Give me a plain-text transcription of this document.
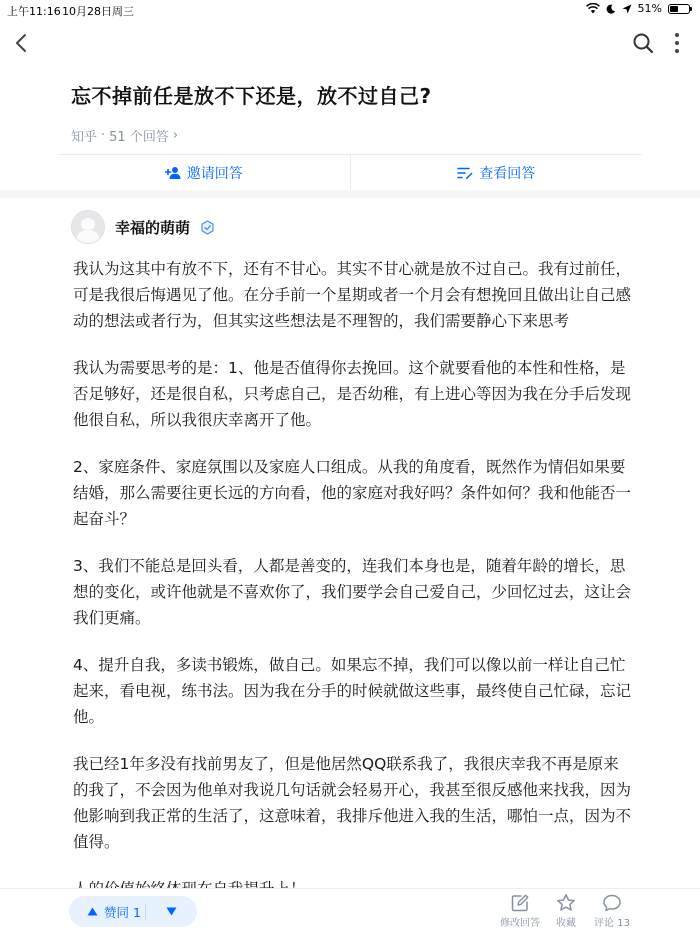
上午11:16 10月28日周三	51%
忘不掉前任是放不下还是，放不过自己?
知乎 · 51 个回答 ›
邀请回答	查看回答
幸福的萌萌

我认为这其中有放不下，还有不甘心。其实不甘心就是放不过自己。我有过前任，可是我很后悔遇见了他。在分手前一个星期或者一个月会有想挽回且做出让自己感动的想法或者行为，但其实这些想法是不理智的，我们需要静心下来思考

我认为需要思考的是：1、他是否值得你去挽回。这个就要看他的本性和性格，是否足够好，还是很自私，只考虑自己，是否幼稚，有上进心等因为我在分手后发现他很自私，所以我很庆幸离开了他。

2、家庭条件、家庭氛围以及家庭人口组成。从我的角度看，既然作为情侣如果要结婚，那么需要往更长远的方向看，他的家庭对我好吗？条件如何？我和他能否一起奋斗？

3、我们不能总是回头看，人都是善变的，连我们本身也是，随着年龄的增长，思想的变化，或许他就是不喜欢你了，我们要学会自己爱自己，少回忆过去，这让会我们更痛。

4、提升自我，多读书锻炼，做自己。如果忘不掉，我们可以像以前一样让自己忙起来，看电视，练书法。因为我在分手的时候就做这些事，最终使自己忙碌，忘记他。

我已经1年多没有找前男友了，但是他居然QQ联系我了，我很庆幸我不再是原来的我了，不会因为他单对我说几句话就会轻易开心，我甚至很反感他来找我，因为他影响到我正常的生活了，这意味着，我排斥他进入我的生活，哪怕一点，因为不值得。

赞同 1
修改回答 收藏 评论 13
